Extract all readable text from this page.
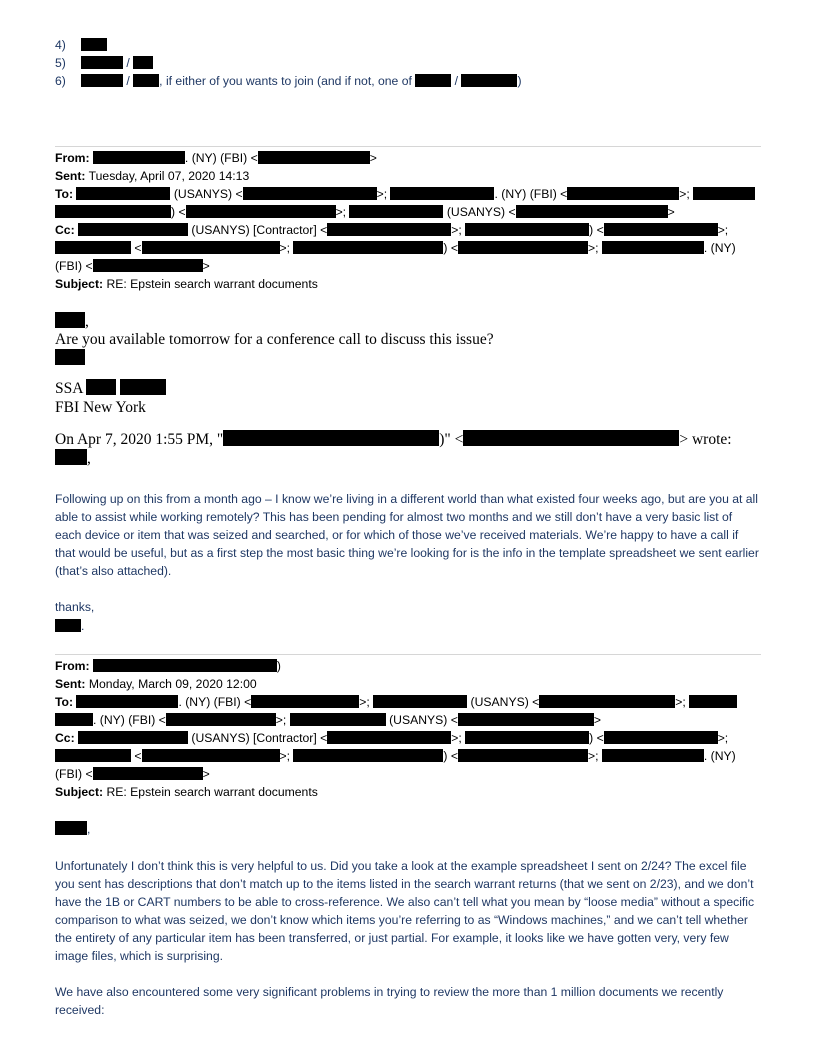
4)
5)	/
6)	/ , if either of you wants to join (and if not, one of	/	)
From:	. (NY) (FBI) <	>
Sent: Tuesday, April 07, 2020 14:13
To:	(USANYS) <	>;	. (NY) (FBI) <	>;
) <	>;	(USANYS) <	>
Cc:	(USANYS) [Contractor] <	>;	) <	>;
<	>;	) <	>;	. (NY)
(FBI) <	>
Subject: RE: Epstein search warrant documents
,
Are you available tomorrow for a conference call to discuss this issue?
SSA
FBI New York
On Apr 7, 2020 1:55 PM, "	)" <	> wrote:
,
Following up on this from a month ago – I know we’re living in a different world than what existed four weeks ago, but are you at all able to assist while working remotely? This has been pending for almost two months and we still don’t have a very basic list of each device or item that was seized and searched, or for which of those we’ve received materials. We’re happy to have a call if that would be useful, but as a first step the most basic thing we’re looking for is the info in the template spreadsheet we sent earlier (that’s also attached).
thanks,
.
From:	)
Sent: Monday, March 09, 2020 12:00
To:	. (NY) (FBI) <	>;	(USANYS) <	>;
. (NY) (FBI) <	>;	(USANYS) <	>
Cc:	(USANYS) [Contractor] <	>;	) <	>;
<	>;	) <	>;	. (NY)
(FBI) <	>
Subject: RE: Epstein search warrant documents
,
Unfortunately I don’t think this is very helpful to us. Did you take a look at the example spreadsheet I sent on 2/24? The excel file you sent has descriptions that don’t match up to the items listed in the search warrant returns (that we sent on 2/23), and we don’t have the 1B or CART numbers to be able to cross-reference. We also can’t tell what you mean by “loose media” without a specific comparison to what was seized, we don’t know which items you’re referring to as “Windows machines,” and we can’t tell whether the entirety of any particular item has been transferred, or just partial. For example, it looks like we have gotten very, very few image files, which is surprising.
We have also encountered some very significant problems in trying to review the more than 1 million documents we recently received:
